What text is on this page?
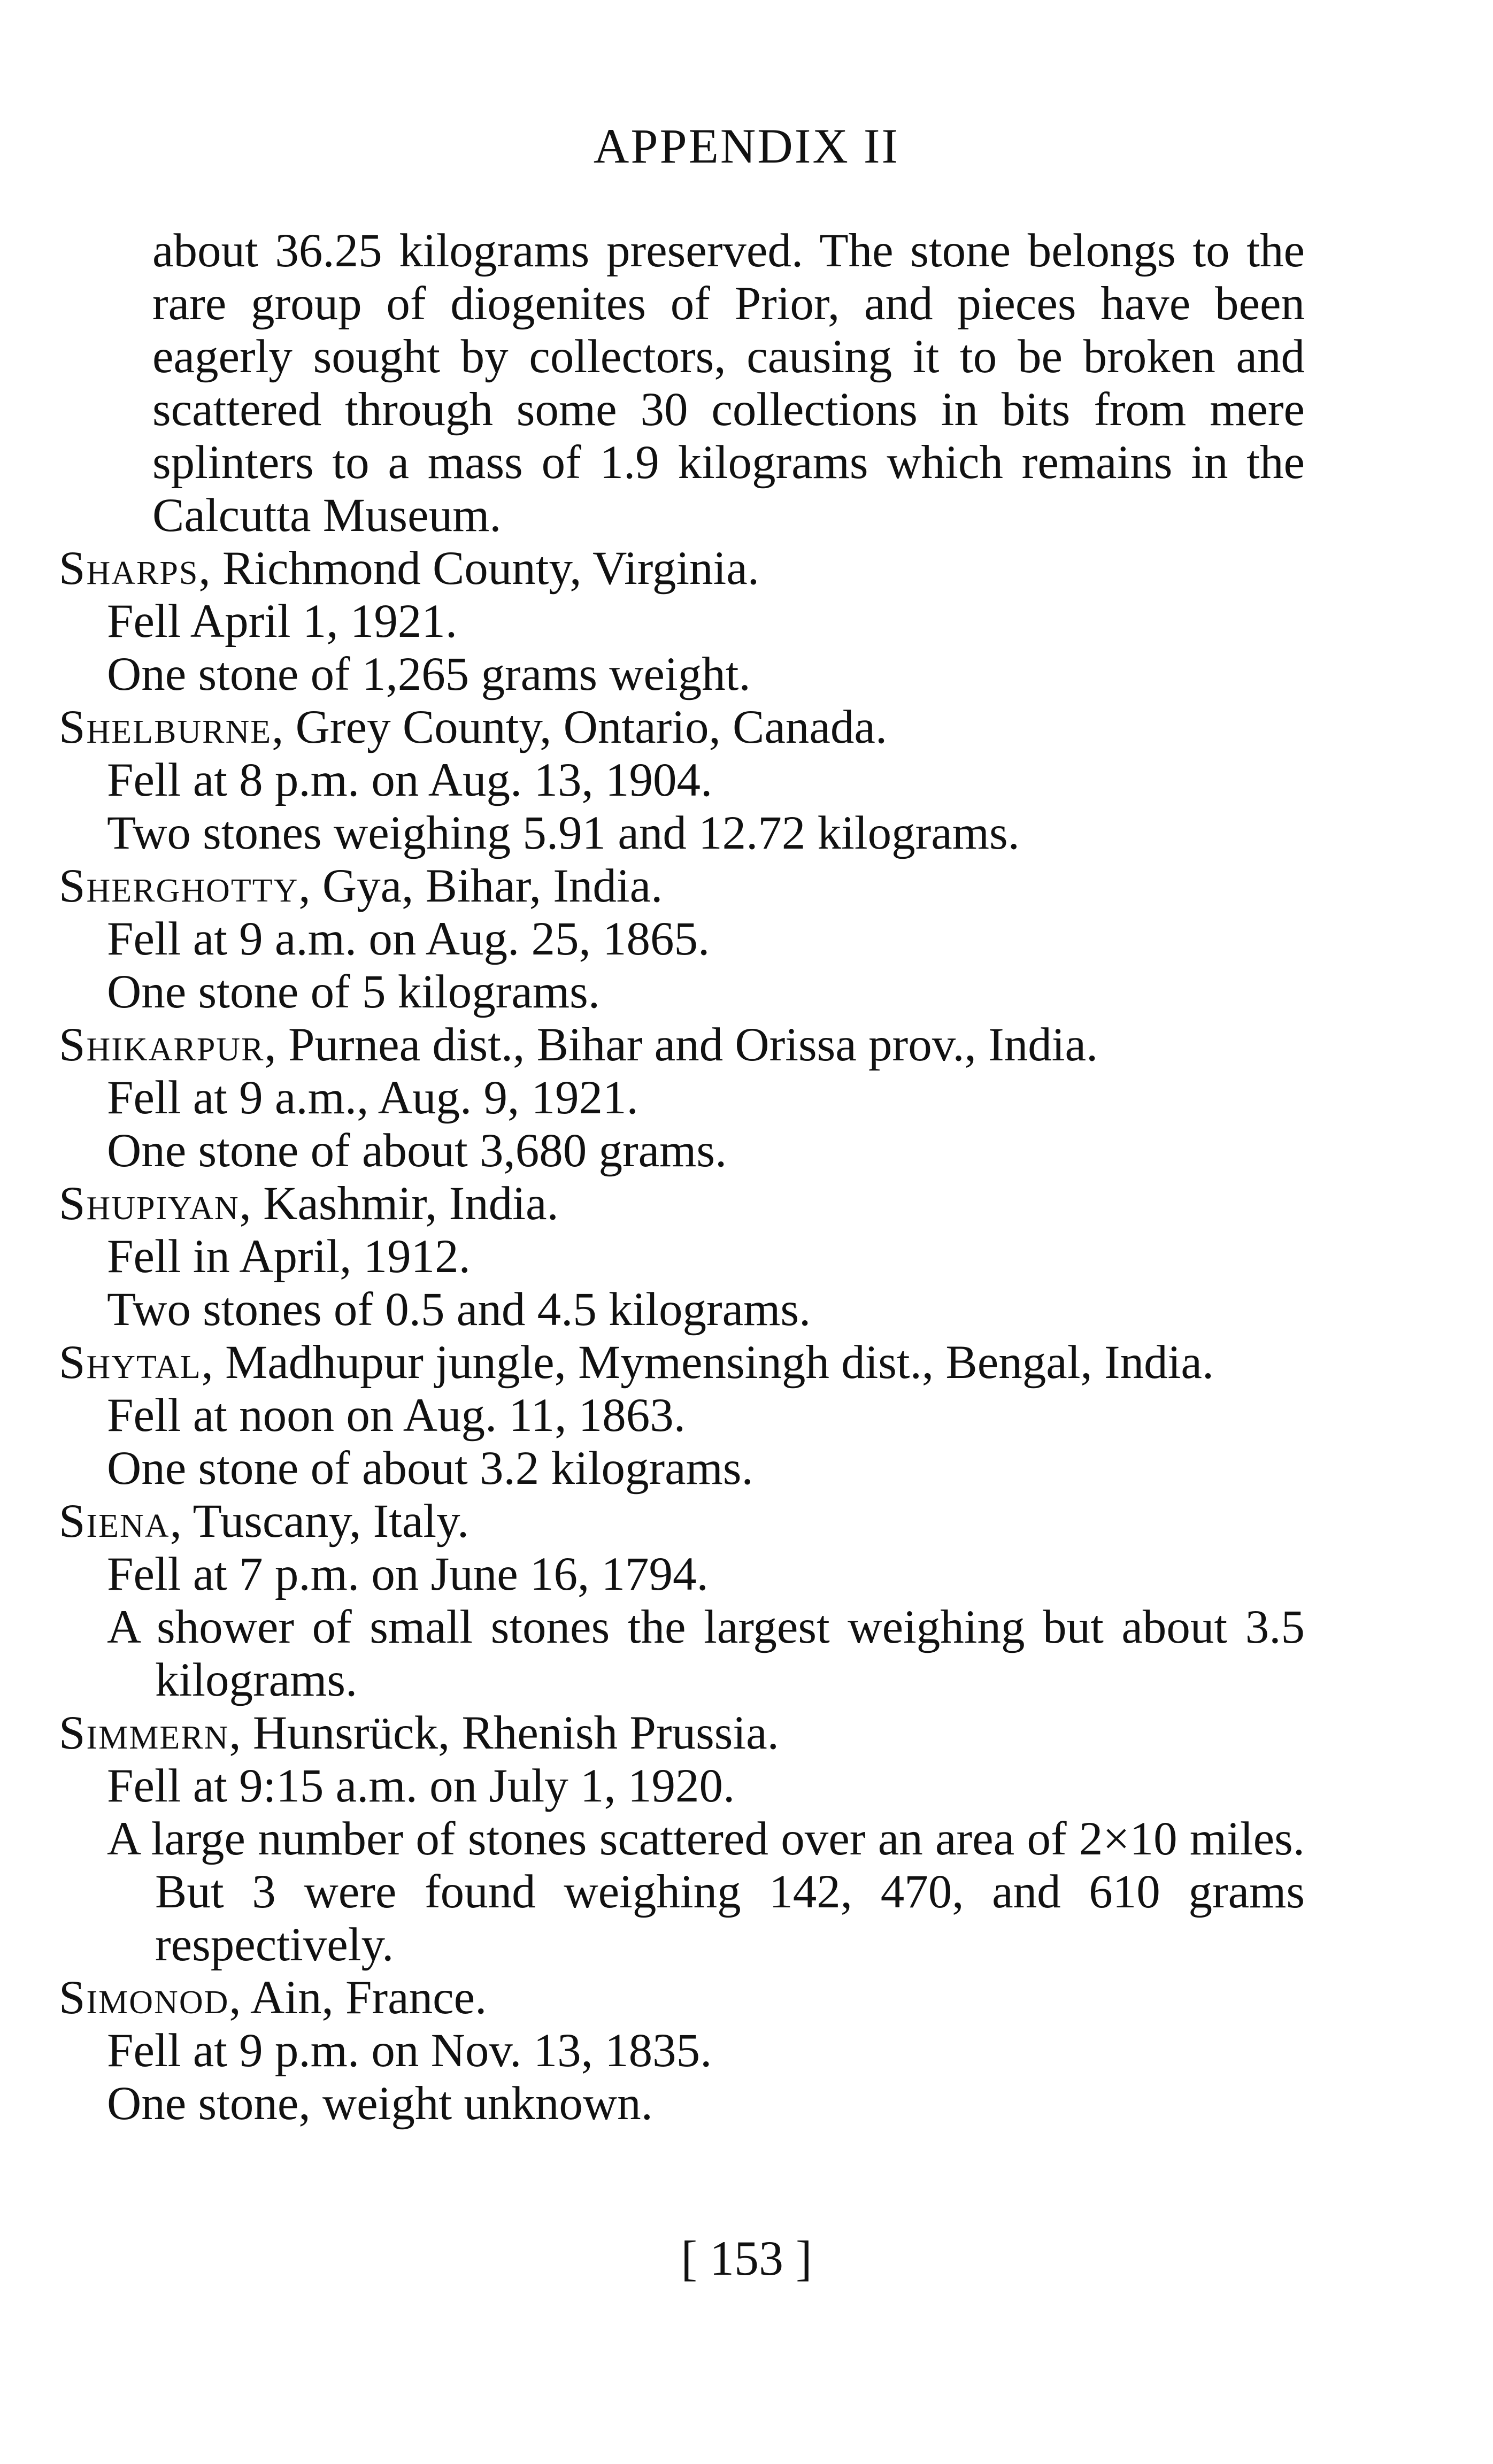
APPENDIX II
about 36.25 kilograms preserved. The stone belongs to the rare group of diogenites of Prior, and pieces have been eagerly sought by collectors, causing it to be broken and scattered through some 30 collections in bits from mere splinters to a mass of 1.9 kilograms which remains in the Calcutta Museum.
Sharps, Richmond County, Virginia.
Fell April 1, 1921.
One stone of 1,265 grams weight.
Shelburne, Grey County, Ontario, Canada.
Fell at 8 p.m. on Aug. 13, 1904.
Two stones weighing 5.91 and 12.72 kilograms.
Sherghotty, Gya, Bihar, India.
Fell at 9 a.m. on Aug. 25, 1865.
One stone of 5 kilograms.
Shikarpur, Purnea dist., Bihar and Orissa prov., India.
Fell at 9 a.m., Aug. 9, 1921.
One stone of about 3,680 grams.
Shupiyan, Kashmir, India.
Fell in April, 1912.
Two stones of 0.5 and 4.5 kilograms.
Shytal, Madhupur jungle, Mymensingh dist., Bengal, India.
Fell at noon on Aug. 11, 1863.
One stone of about 3.2 kilograms.
Siena, Tuscany, Italy.
Fell at 7 p.m. on June 16, 1794.
A shower of small stones the largest weighing but about 3.5 kilograms.
Simmern, Hunsrück, Rhenish Prussia.
Fell at 9:15 a.m. on July 1, 1920.
A large number of stones scattered over an area of 2×10 miles. But 3 were found weighing 142, 470, and 610 grams respectively.
Simonod, Ain, France.
Fell at 9 p.m. on Nov. 13, 1835.
One stone, weight unknown.
[ 153 ]
